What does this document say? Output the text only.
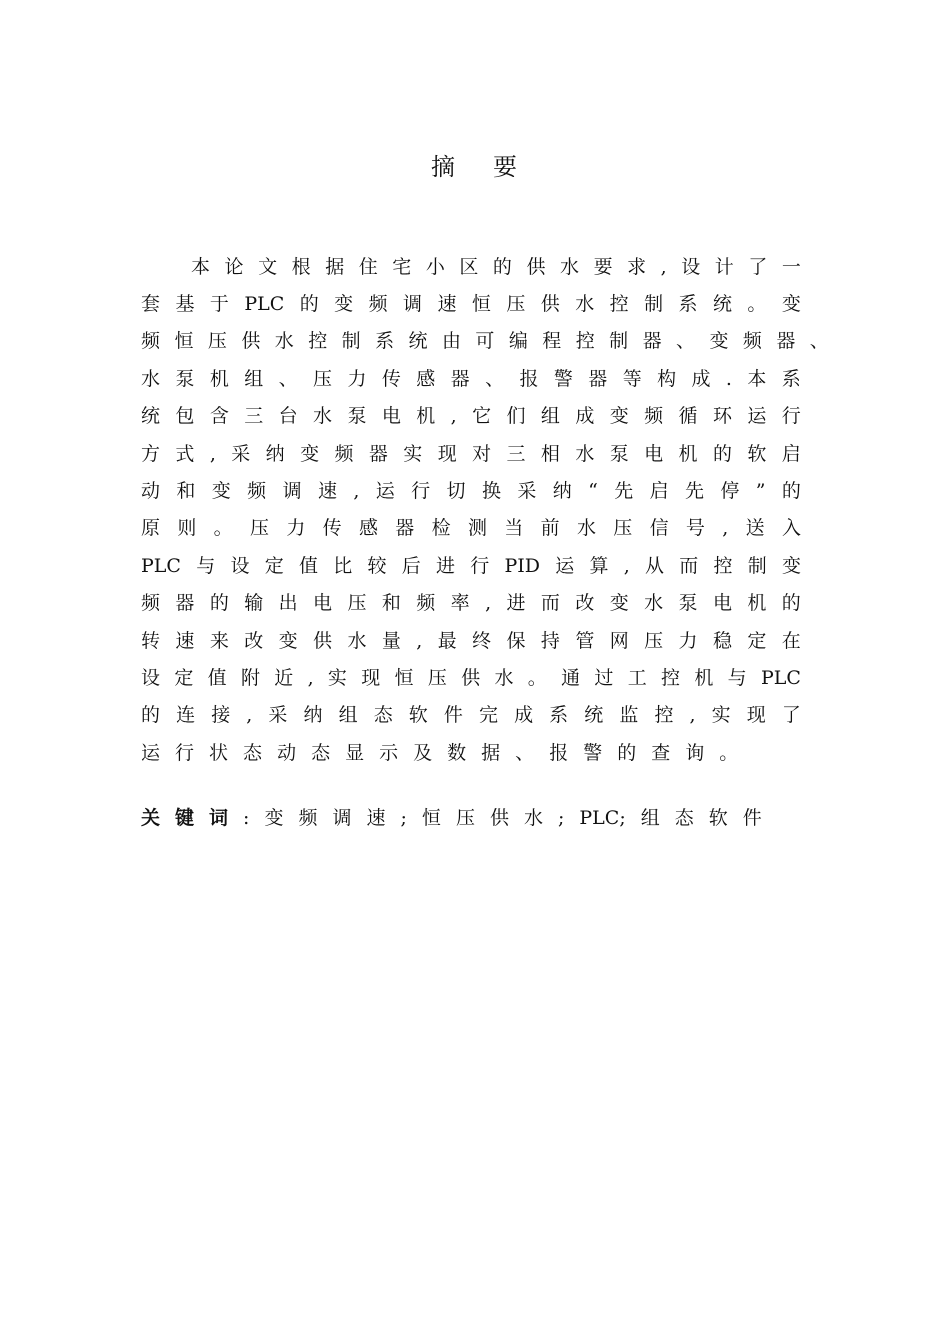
摘 要
本 论 文 根 据 住 宅 小 区 的 供 水 要 求 , 设 计 了 一
套 基 于 PLC 的 变 频 调 速 恒 压 供 水 控 制 系 统 。 变
频 恒 压 供 水 控 制 系 统 由 可 编 程 控 制 器 、 变 频 器 、
水 泵 机 组 、 压 力 传 感 器 、 报 警 器 等 构 成 . 本 系
统 包 含 三 台 水 泵 电 机 , 它 们 组 成 变 频 循 环 运 行
方 式 , 采 纳 变 频 器 实 现 对 三 相 水 泵 电 机 的 软 启
动 和 变 频 调 速 , 运 行 切 换 采 纳 “ 先 启 先 停 ” 的
原 则 。 压 力 传 感 器 检 测 当 前 水 压 信 号 , 送 入
PLC 与 设 定 值 比 较 后 进 行 PID 运 算 , 从 而 控 制 变
频 器 的 输 出 电 压 和 频 率 , 进 而 改 变 水 泵 电 机 的
转 速 来 改 变 供 水 量 , 最 终 保 持 管 网 压 力 稳 定 在
设 定 值 附 近 , 实 现 恒 压 供 水 。 通 过 工 控 机 与 PLC
的 连 接 , 采 纳 组 态 软 件 完 成 系 统 监 控 , 实 现 了
运 行 状 态 动 态 显 示 及 数 据 、 报 警 的 查 询 。
关 键 词 : 变 频 调 速 ; 恒 压 供 水 ; PLC; 组 态 软 件
